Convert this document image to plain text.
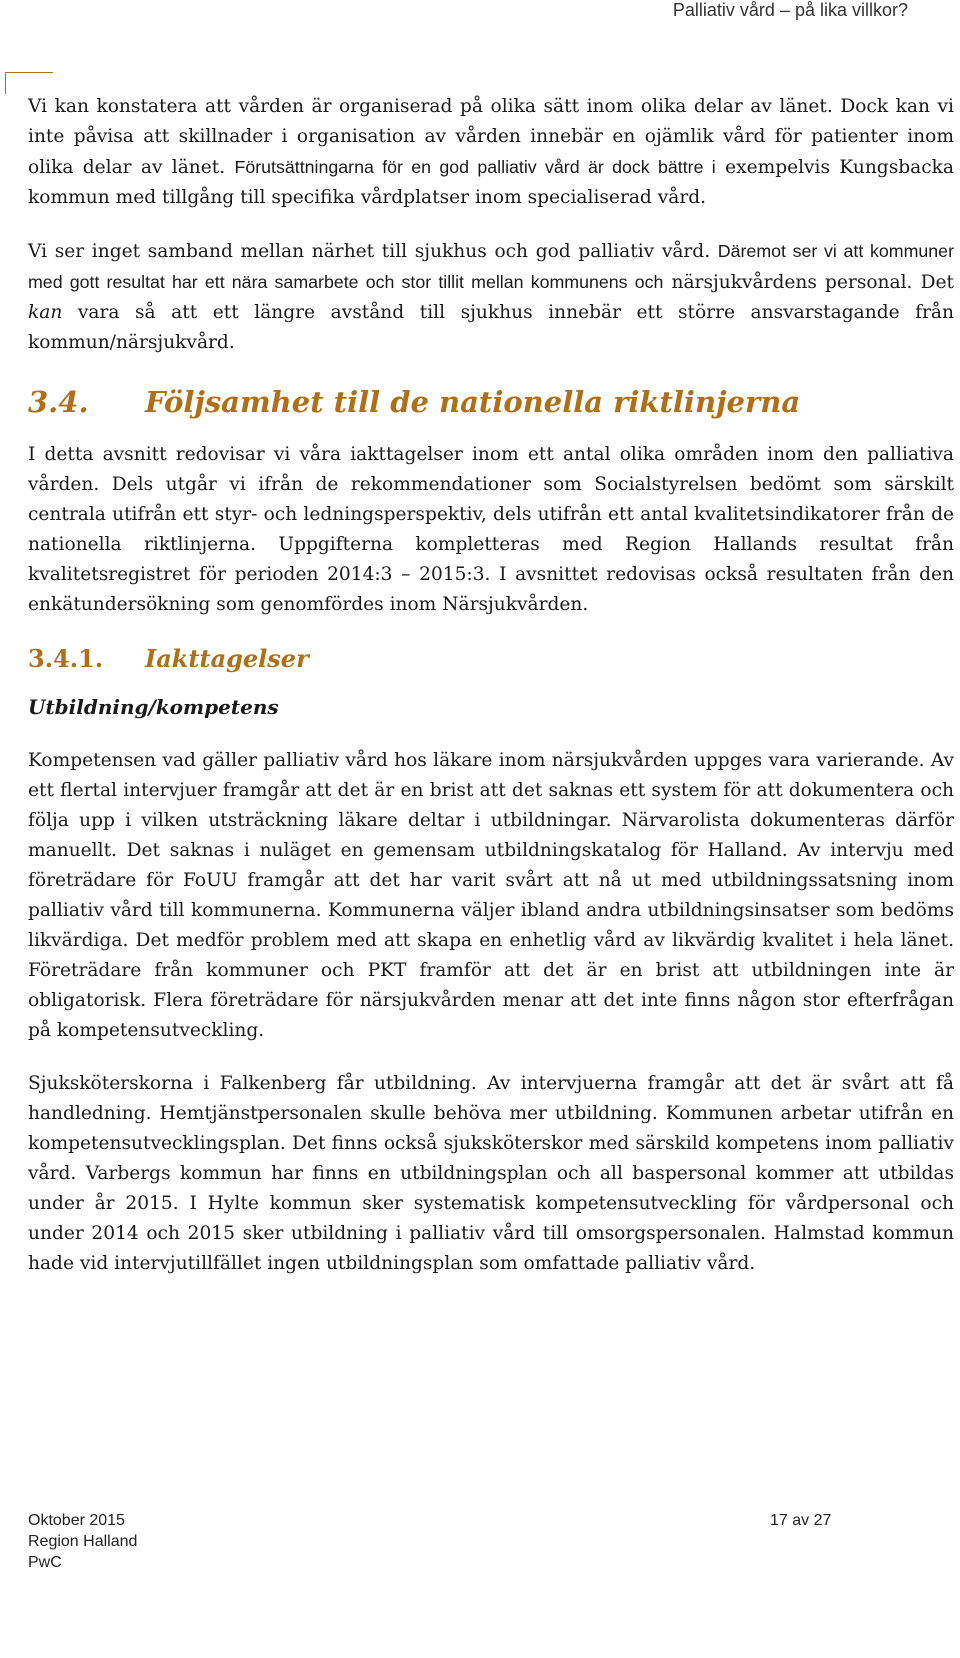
Palliativ vård – på lika villkor?

Vi kan konstatera att vården är organiserad på olika sätt inom olika delar av länet. Dock kan vi inte påvisa att skillnader i organisation av vården innebär en ojämlik vård för patienter inom olika delar av länet. Förutsättningarna för en god palliativ vård är dock bättre i exempelvis Kungsbacka kommun med tillgång till specifika vårdplatser inom specialiserad vård.

Vi ser inget samband mellan närhet till sjukhus och god palliativ vård. Däremot ser vi att kommuner med gott resultat har ett nära samarbete och stor tillit mellan kommunens och närsjukvårdens personal. Det kan vara så att ett längre avstånd till sjukhus innebär ett större ansvarstagande från kommun/närsjukvård.

3.4.	Följsamhet till de nationella riktlinjerna

I detta avsnitt redovisar vi våra iakttagelser inom ett antal olika områden inom den palliativa vården. Dels utgår vi ifrån de rekommendationer som Socialstyrelsen bedömt som särskilt centrala utifrån ett styr- och ledningsperspektiv, dels utifrån ett antal kvalitetsindikatorer från de nationella riktlinjerna. Uppgifterna kompletteras med Region Hallands resultat från kvalitetsregistret för perioden 2014:3 – 2015:3. I avsnittet redovisas också resultaten från den enkätundersökning som genomfördes inom Närsjukvården.

3.4.1.	Iakttagelser
Utbildning/kompetens

Kompetensen vad gäller palliativ vård hos läkare inom närsjukvården uppges vara varierande. Av ett flertal intervjuer framgår att det är en brist att det saknas ett system för att dokumentera och följa upp i vilken utsträckning läkare deltar i utbildningar. Närvarolista dokumenteras därför manuellt. Det saknas i nuläget en gemensam utbildningskatalog för Halland. Av intervju med företrädare för FoUU framgår att det har varit svårt att nå ut med utbildningssatsning inom palliativ vård till kommunerna. Kommunerna väljer ibland andra utbildningsinsatser som bedöms likvärdiga. Det medför problem med att skapa en enhetlig vård av likvärdig kvalitet i hela länet. Företrädare från kommuner och PKT framför att det är en brist att utbildningen inte är obligatorisk. Flera företrädare för närsjukvården menar att det inte finns någon stor efterfrågan på kompetensutveckling.

Sjuksköterskorna i Falkenberg får utbildning. Av intervjuerna framgår att det är svårt att få handledning. Hemtjänstpersonalen skulle behöva mer utbildning. Kommunen arbetar utifrån en kompetensutvecklingsplan. Det finns också sjuksköterskor med särskild kompetens inom palliativ vård. Varbergs kommun har finns en utbildningsplan och all baspersonal kommer att utbildas under år 2015. I Hylte kommun sker systematisk kompetensutveckling för vårdpersonal och under 2014 och 2015 sker utbildning i palliativ vård till omsorgspersonalen. Halmstad kommun hade vid intervjutillfället ingen utbildningsplan som omfattade palliativ vård.

Oktober 2015
Region Halland
PwC
17 av 27
